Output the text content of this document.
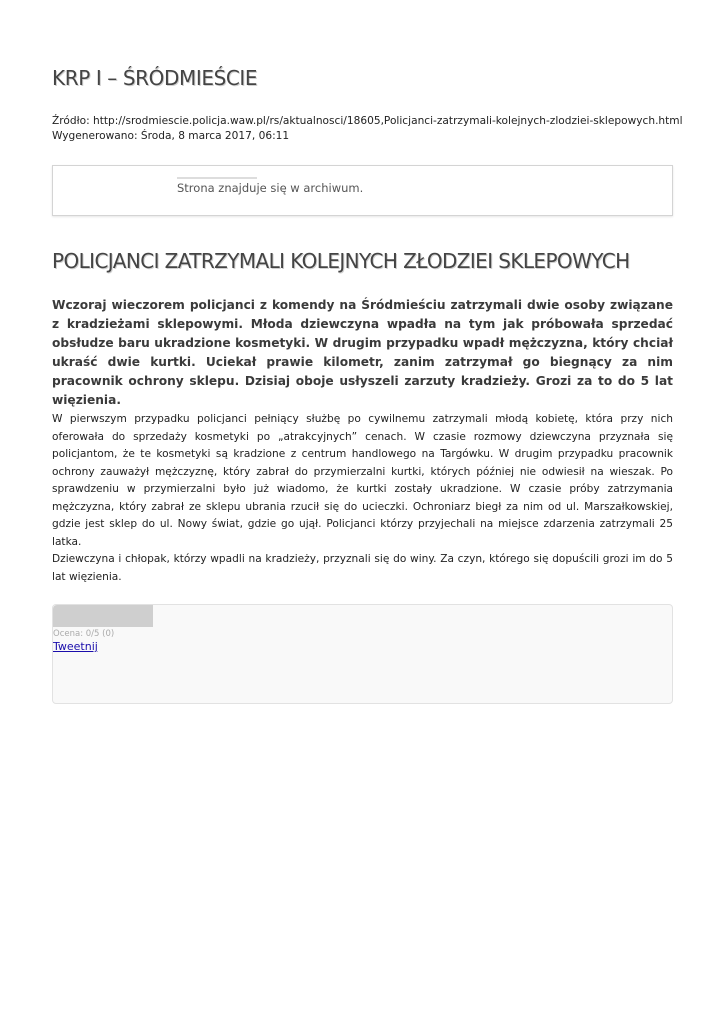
KRP I – ŚRÓDMIEŚCIE
Źródło: http://srodmiescie.policja.waw.pl/rs/aktualnosci/18605,Policjanci-zatrzymali-kolejnych-zlodziei-sklepowych.html
Wygenerowano: Środa, 8 marca 2017, 06:11
Strona znajduje się w archiwum.
POLICJANCI ZATRZYMALI KOLEJNYCH ZŁODZIEI SKLEPOWYCH

Wczoraj wieczorem policjanci z komendy na Śródmieściu zatrzymali dwie osoby związane z kradzieżami sklepowymi. Młoda dziewczyna wpadła na tym jak próbowała sprzedać obsłudze baru ukradzione kosmetyki. W drugim przypadku wpadł mężczyzna, który chciał ukraść dwie kurtki. Uciekał prawie kilometr, zanim zatrzymał go biegnący za nim pracownik ochrony sklepu. Dzisiaj oboje usłyszeli zarzuty kradzieży. Grozi za to do 5 lat więzienia.

W pierwszym przypadku policjanci pełniący służbę po cywilnemu zatrzymali młodą kobietę, która przy nich oferowała do sprzedaży kosmetyki po „atrakcyjnych” cenach. W czasie rozmowy dziewczyna przyznała się policjantom, że te kosmetyki są kradzione z centrum handlowego na Targówku. W drugim przypadku pracownik ochrony zauważył mężczyznę, który zabrał do przymierzalni kurtki, których później nie odwiesił na wieszak. Po sprawdzeniu w przymierzalni było już wiadomo, że kurtki zostały ukradzione. W czasie próby zatrzymania mężczyzna, który zabrał ze sklepu ubrania rzucił się do ucieczki. Ochroniarz biegł za nim od ul. Marszałkowskiej, gdzie jest sklep do ul. Nowy świat, gdzie go ujął. Policjanci którzy przyjechali na miejsce zdarzenia zatrzymali 25 latka.

Dziewczyna i chłopak, którzy wpadli na kradzieży, przyznali się do winy. Za czyn, którego się dopuścili grozi im do 5 lat więzienia.

Ocena: 0/5 (0)
Tweetnij
